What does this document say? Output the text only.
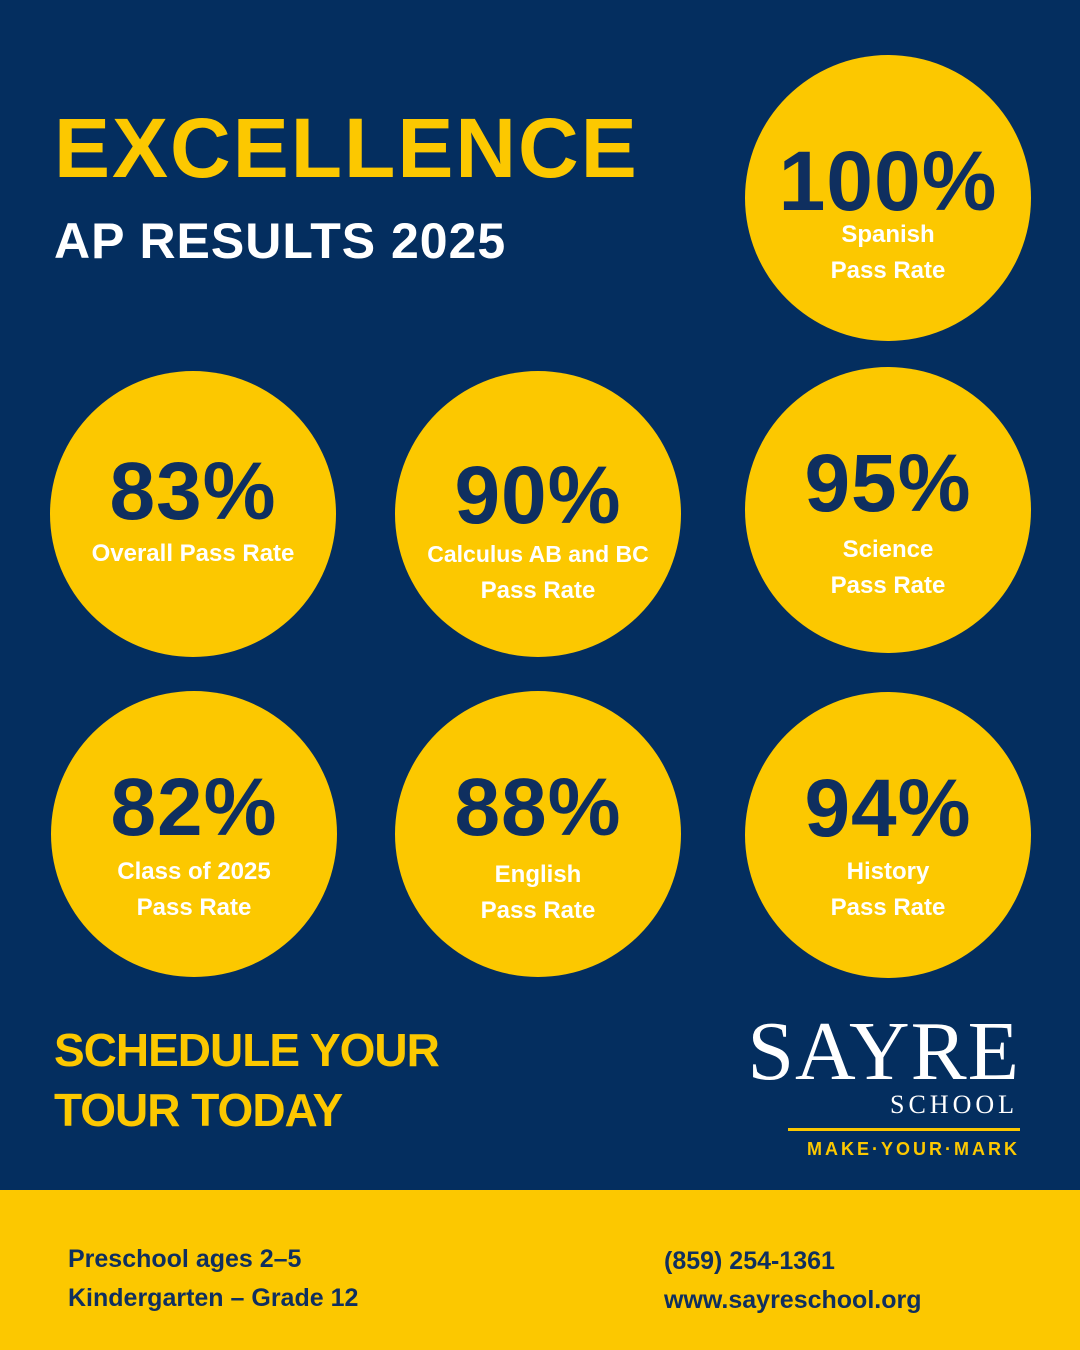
EXCELLENCE
AP RESULTS 2025
100%
Spanish
Pass Rate
83%
Overall Pass Rate
90%
Calculus AB and BC
Pass Rate
95%
Science
Pass Rate
82%
Class of 2025
Pass Rate
88%
English
Pass Rate
94%
History
Pass Rate
SCHEDULE YOUR
TOUR TODAY
SAYRE
SCHOOL
MAKE·YOUR·MARK
Preschool ages 2–5
Kindergarten – Grade 12
(859) 254-1361
www.sayreschool.org
